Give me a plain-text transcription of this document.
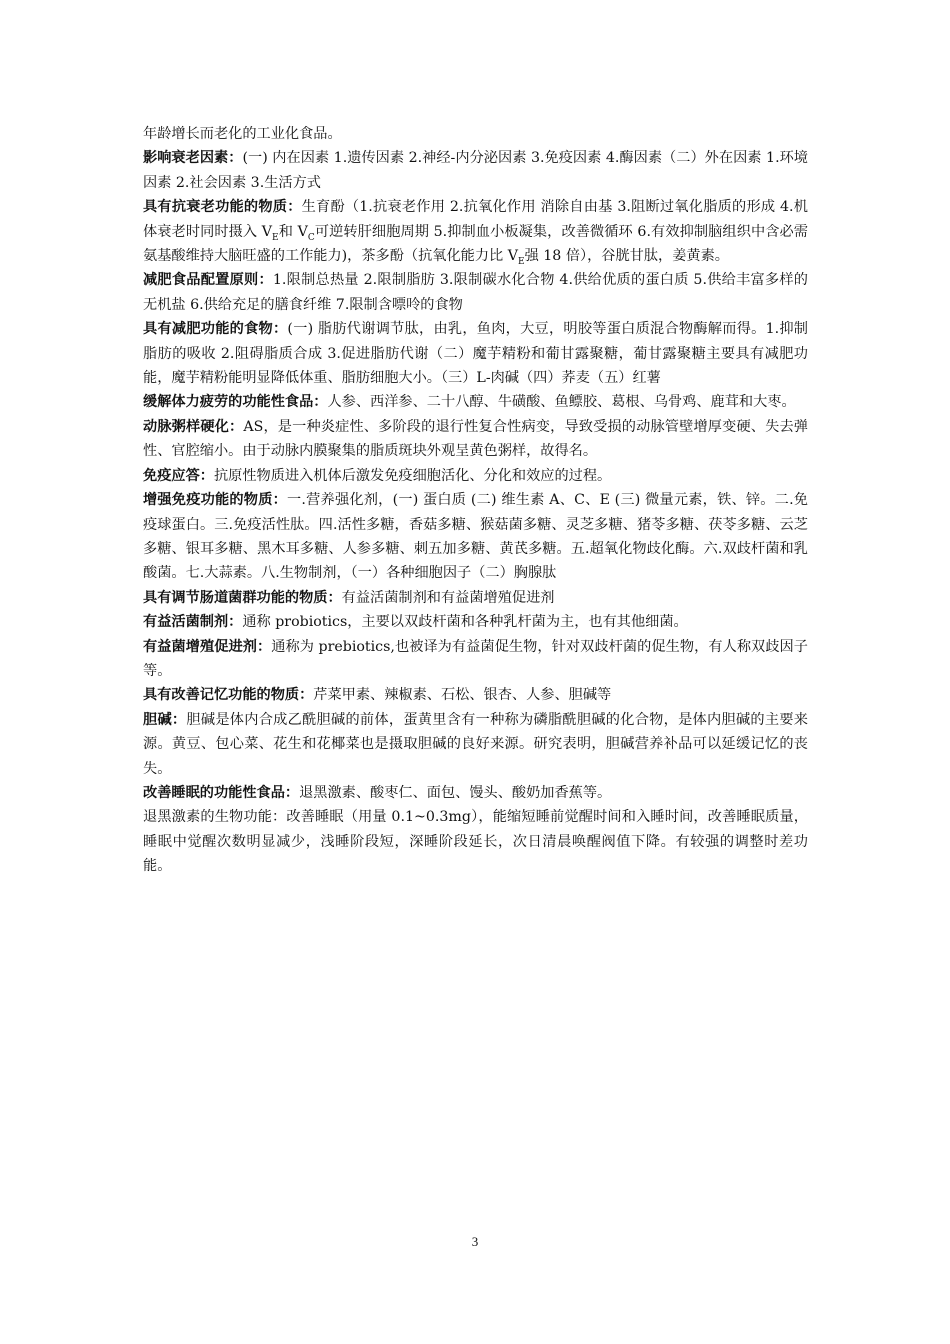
年龄增长而老化的工业化食品。

影响衰老因素：(一) 内在因素 1.遗传因素 2.神经-内分泌因素 3.免疫因素 4.酶因素（二）外在因素 1.环境因素 2.社会因素 3.生活方式

具有抗衰老功能的物质：生育酚（1.抗衰老作用 2.抗氧化作用 消除自由基 3.阻断过氧化脂质的形成 4.机体衰老时同时摄入 $V_E$和 $V_C$可逆转肝细胞周期 5.抑制血小板凝集，改善微循环 6.有效抑制脑组织中含必需氨基酸维持大脑旺盛的工作能力)，茶多酚（抗氧化能力比 $V_E$强 18 倍），谷胱甘肽，姜黄素。

减肥食品配置原则：1.限制总热量 2.限制脂肪 3.限制碳水化合物 4.供给优质的蛋白质 5.供给丰富多样的无机盐 6.供给充足的膳食纤维 7.限制含嘌呤的食物

具有减肥功能的食物：(一) 脂肪代谢调节肽，由乳，鱼肉，大豆，明胶等蛋白质混合物酶解而得。1.抑制脂肪的吸收 2.阻碍脂质合成 3.促进脂肪代谢（二）魔芋精粉和葡甘露聚糖，葡甘露聚糖主要具有减肥功能，魔芋精粉能明显降低体重、脂肪细胞大小。（三）L-肉碱（四）荞麦（五）红薯

缓解体力疲劳的功能性食品：人参、西洋参、二十八醇、牛磺酸、鱼鳔胶、葛根、乌骨鸡、鹿茸和大枣。

动脉粥样硬化：AS，是一种炎症性、多阶段的退行性复合性病变，导致受损的动脉管壁增厚变硬、失去弹性、官腔缩小。由于动脉内膜聚集的脂质斑块外观呈黄色粥样，故得名。

免疫应答：抗原性物质进入机体后激发免疫细胞活化、分化和效应的过程。

增强免疫功能的物质：一.营养强化剂，(一) 蛋白质 (二) 维生素 A、C、E (三) 微量元素，铁、锌。二.免疫球蛋白。三.免疫活性肽。四.活性多糖，香菇多糖、猴菇菌多糖、灵芝多糖、猪苓多糖、茯苓多糖、云芝多糖、银耳多糖、黑木耳多糖、人参多糖、刺五加多糖、黄芪多糖。五.超氧化物歧化酶。六.双歧杆菌和乳酸菌。七.大蒜素。八.生物制剂，（一）各种细胞因子（二）胸腺肽

具有调节肠道菌群功能的物质：有益活菌制剂和有益菌增殖促进剂

有益活菌制剂：通称 probiotics，主要以双歧杆菌和各种乳杆菌为主，也有其他细菌。

有益菌增殖促进剂：通称为 prebiotics,也被译为有益菌促生物，针对双歧杆菌的促生物，有人称双歧因子等。

具有改善记忆功能的物质：芹菜甲素、辣椒素、石松、银杏、人参、胆碱等

胆碱：胆碱是体内合成乙酰胆碱的前体，蛋黄里含有一种称为磷脂酰胆碱的化合物，是体内胆碱的主要来源。黄豆、包心菜、花生和花椰菜也是摄取胆碱的良好来源。研究表明，胆碱营养补品可以延缓记忆的丧失。

改善睡眠的功能性食品：退黑激素、酸枣仁、面包、馒头、酸奶加香蕉等。

退黑激素的生物功能：改善睡眠（用量 0.1~0.3mg），能缩短睡前觉醒时间和入睡时间，改善睡眠质量，睡眠中觉醒次数明显减少，浅睡阶段短，深睡阶段延长，次日清晨唤醒阀值下降。有较强的调整时差功能。

3
